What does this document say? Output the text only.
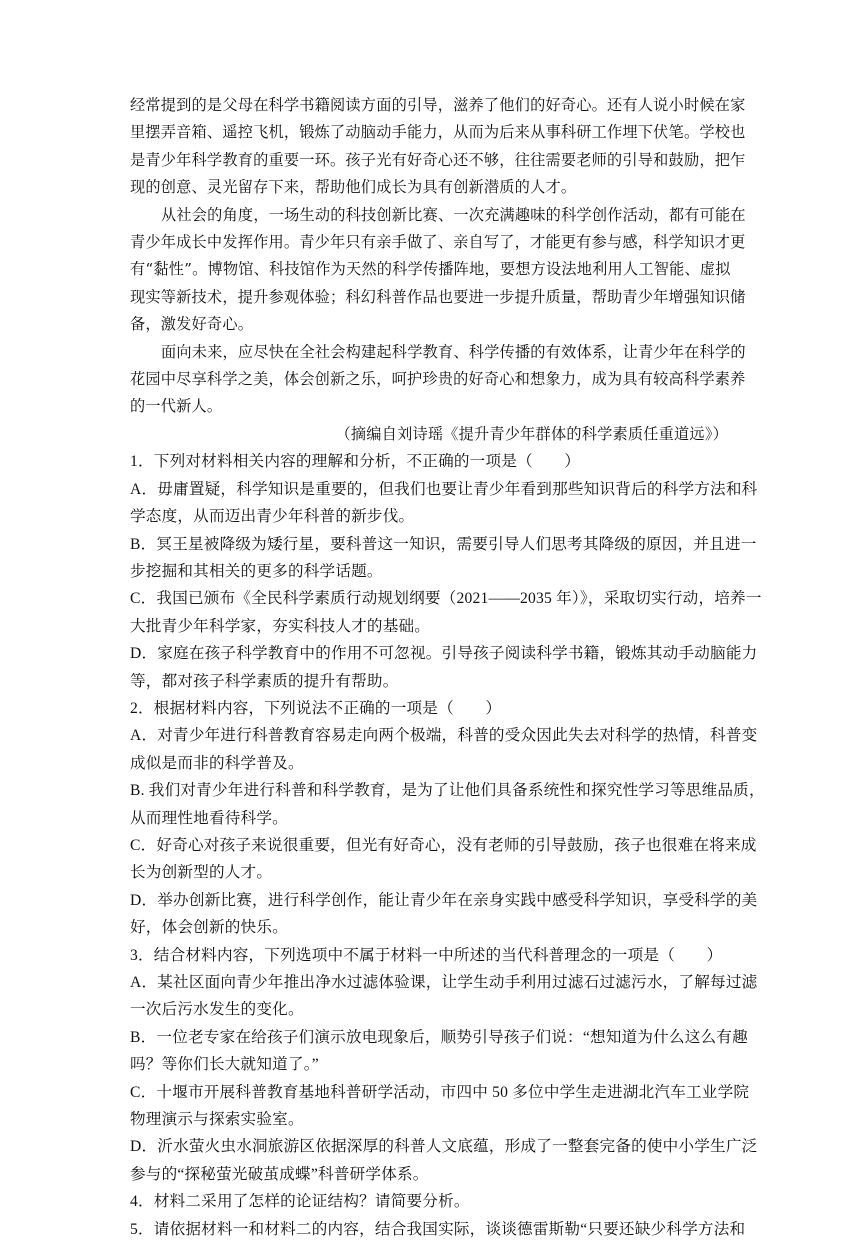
经常提到的是父母在科学书籍阅读方面的引导，滋养了他们的好奇心。还有人说小时候在家
里摆弄音箱、遥控飞机，锻炼了动脑动手能力，从而为后来从事科研工作埋下伏笔。学校也
是青少年科学教育的重要一环。孩子光有好奇心还不够，往往需要老师的引导和鼓励，把乍
现的创意、灵光留存下来，帮助他们成长为具有创新潜质的人才。
从社会的角度，一场生动的科技创新比赛、一次充满趣味的科学创作活动，都有可能在
青少年成长中发挥作用。青少年只有亲手做了、亲自写了，才能更有参与感，科学知识才更
有“黏性”。博物馆、科技馆作为天然的科学传播阵地，要想方设法地利用人工智能、虚拟
现实等新技术，提升参观体验；科幻科普作品也要进一步提升质量，帮助青少年增强知识储
备，激发好奇心。
面向未来，应尽快在全社会构建起科学教育、科学传播的有效体系，让青少年在科学的
花园中尽享科学之美，体会创新之乐，呵护珍贵的好奇心和想象力，成为具有较高科学素养
的一代新人。
（摘编自刘诗瑶《提升青少年群体的科学素质任重道远》）
1．下列对材料相关内容的理解和分析，不正确的一项是（　　）
A．毋庸置疑，科学知识是重要的，但我们也要让青少年看到那些知识背后的科学方法和科
学态度，从而迈出青少年科普的新步伐。
B．冥王星被降级为矮行星，要科普这一知识，需要引导人们思考其降级的原因，并且进一
步挖掘和其相关的更多的科学话题。
C．我国已颁布《全民科学素质行动规划纲要（2021——2035 年）》，采取切实行动，培养一
大批青少年科学家，夯实科技人才的基础。
D．家庭在孩子科学教育中的作用不可忽视。引导孩子阅读科学书籍，锻炼其动手动脑能力
等，都对孩子科学素质的提升有帮助。
2．根据材料内容，下列说法不正确的一项是（　　）
A．对青少年进行科普教育容易走向两个极端，科普的受众因此失去对科学的热情，科普变
成似是而非的科学普及。
B. 我们对青少年进行科普和科学教育，是为了让他们具备系统性和探究性学习等思维品质，
从而理性地看待科学。
C．好奇心对孩子来说很重要，但光有好奇心，没有老师的引导鼓励，孩子也很难在将来成
长为创新型的人才。
D．举办创新比赛，进行科学创作，能让青少年在亲身实践中感受科学知识，享受科学的美
好，体会创新的快乐。
3．结合材料内容，下列选项中不属于材料一中所述的当代科普理念的一项是（　　）
A．某社区面向青少年推出净水过滤体验课，让学生动手利用过滤石过滤污水，了解每过滤
一次后污水发生的变化。
B．一位老专家在给孩子们演示放电现象后，顺势引导孩子们说：“想知道为什么这么有趣
吗？等你们长大就知道了。”
C．十堰市开展科普教育基地科普研学活动，市四中 50 多位中学生走进湖北汽车工业学院
物理演示与探索实验室。
D．沂水萤火虫水洞旅游区依据深厚的科普人文底蕴，形成了一整套完备的使中小学生广泛
参与的“探秘萤光破茧成蝶”科普研学体系。
4．材料二采用了怎样的论证结构？请简要分析。
5．请依据材料一和材料二的内容，结合我国实际，谈谈德雷斯勒“只要还缺少科学方法和
